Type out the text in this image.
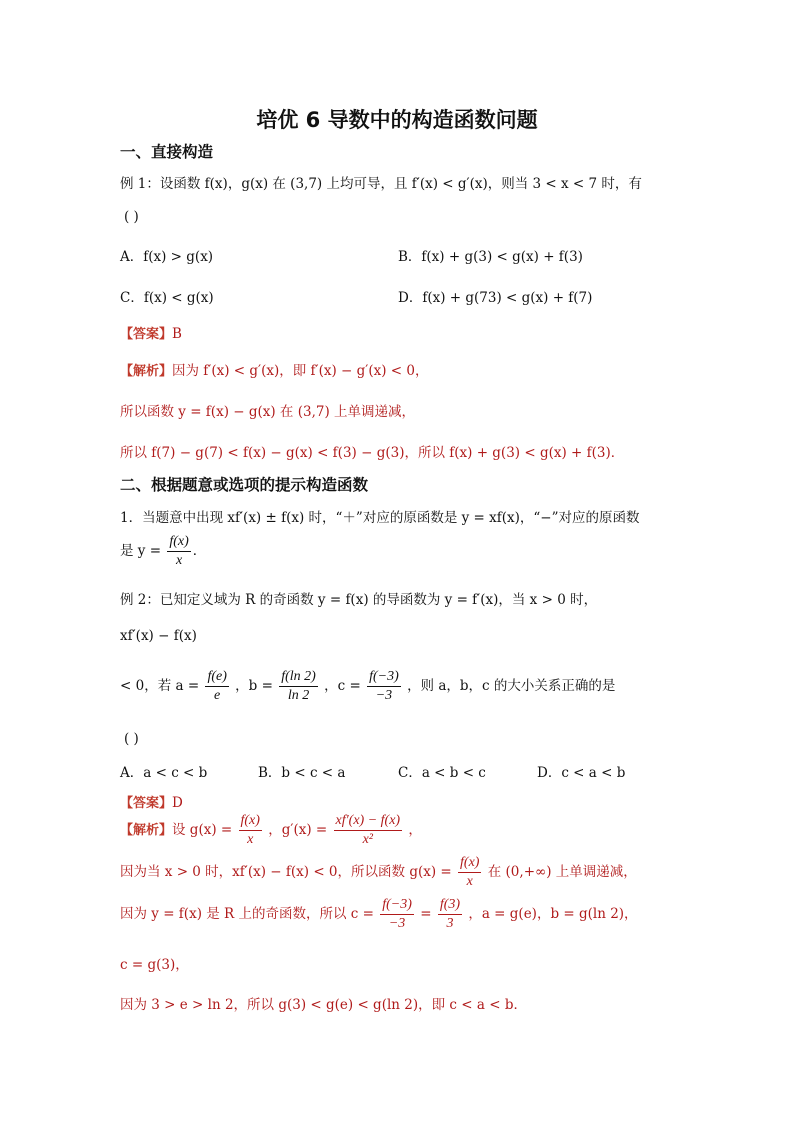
培优 6 导数中的构造函数问题
一、直接构造
例 1：设函数 f(x)，g(x) 在 (3,7) 上均可导，且 f′(x) < g′(x)，则当 3 < x < 7 时，有
( )
A．f(x) > g(x)	B．f(x) + g(3) < g(x) + f(3)
C．f(x) < g(x)	D．f(x) + g(73) < g(x) + f(7)
【答案】B
【解析】因为 f′(x) < g′(x)，即 f′(x) − g′(x) < 0，
所以函数 y = f(x) − g(x) 在 (3,7) 上单调递减，
所以 f(7) − g(7) < f(x) − g(x) < f(3) − g(3)，所以 f(x) + g(3) < g(x) + f(3)．
二、根据题意或选项的提示构造函数
1．当题意中出现 xf′(x) ± f(x) 时，“＋”对应的原函数是 y = xf(x)，“−”对应的原函数
是 $y = \frac{f(x)}{x}$ ．
例 2：已知定义域为 R 的奇函数 y = f(x) 的导函数为 y = f′(x)，当 x > 0 时，
xf′(x) − f(x)
< 0，若 $a = \frac{f(e)}{e}$ ，$b = \frac{f(\ln 2)}{\ln 2}$ ，$c = \frac{f(-3)}{-3}$ ，则 a，b，c 的大小关系正确的是
( )
A．a < c < b	B．b < c < a	C．a < b < c	D．c < a < b
【答案】D
【解析】设 $g(x) = \frac{f(x)}{x}$ ，$g'(x) = \frac{xf'(x) - f(x)}{\text{x²}}$ ，
因为当 x > 0 时，xf′(x) − f(x) < 0，所以函数 $g(x) = \frac{f(x)}{x}$ 在 (0,+∞) 上单调递减，
因为 y = f(x) 是 R 上的奇函数，所以 $c = \frac{f(-3)}{-3} = \frac{f(3)}{3}$ ，a = g(e)，b = g(ln 2)，
c = g(3)，
因为 3 > e > ln 2，所以 g(3) < g(e) < g(ln 2)，即 c < a < b．
